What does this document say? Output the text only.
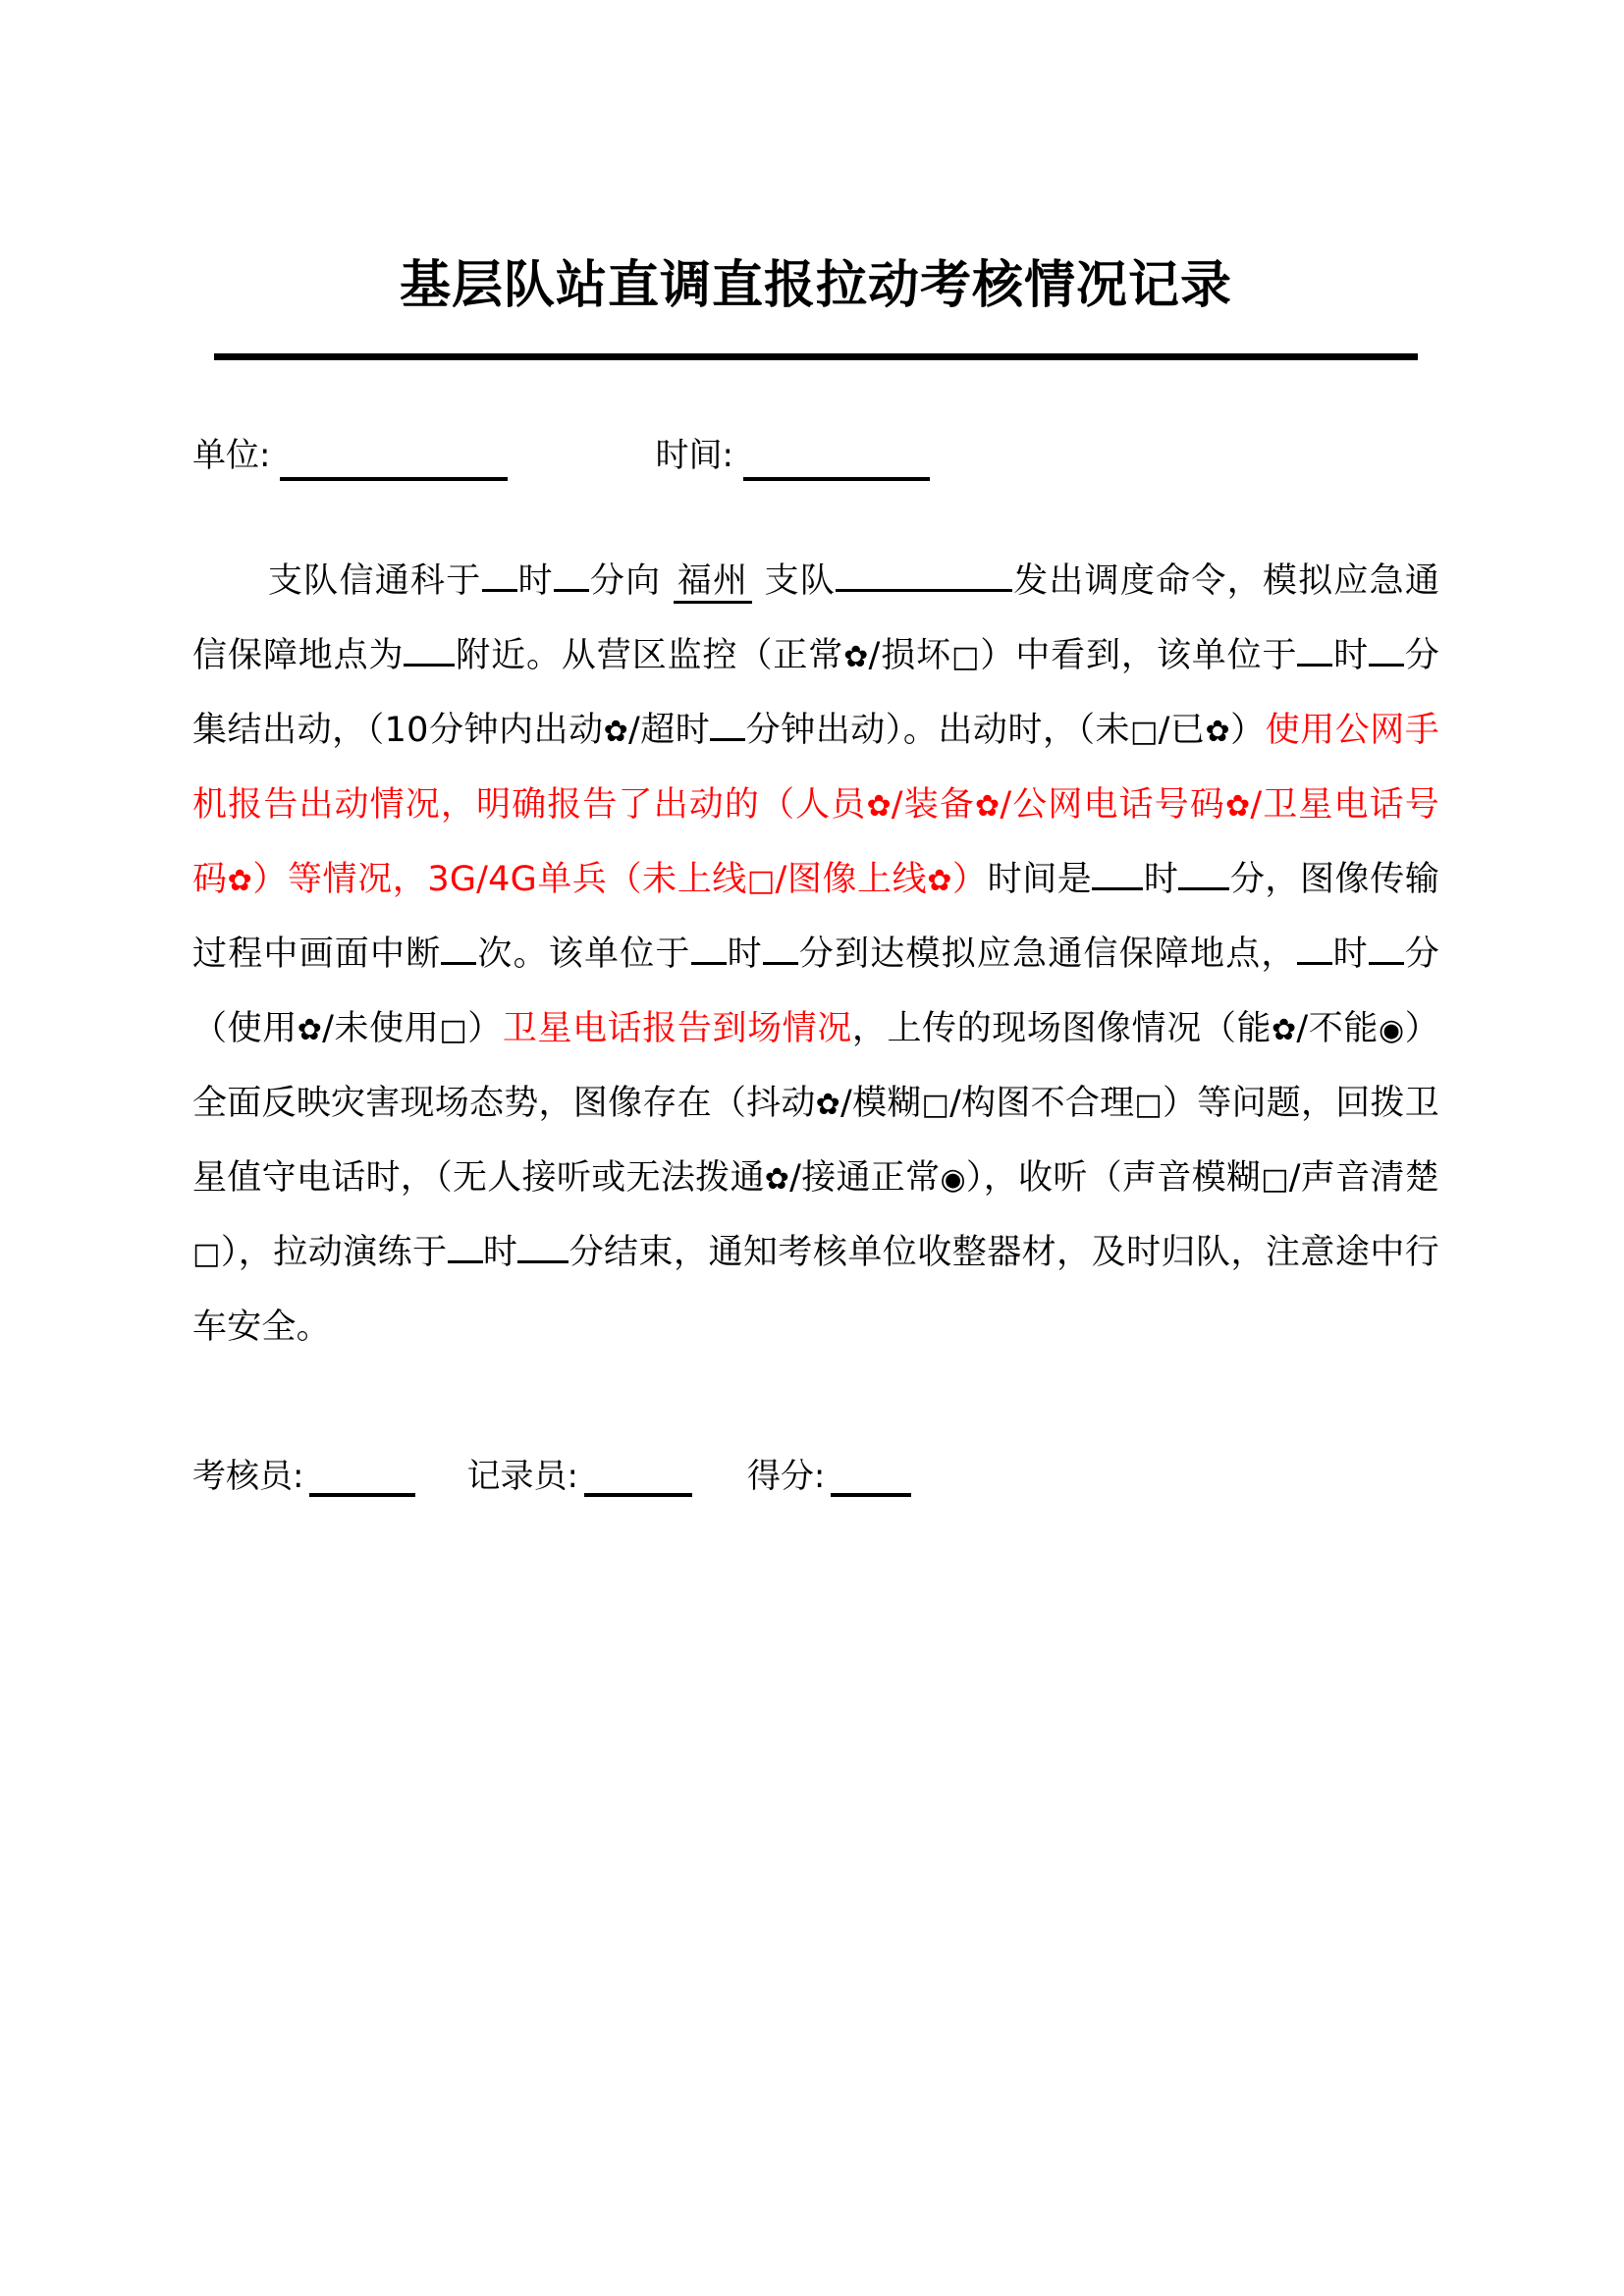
基层队站直调直报拉动考核情况记录
单位:	时间:

支队信通科于 时 分向 福州 支队	发出调度命令，模拟应急通信保障地点为 附近。从营区监控（正常✿/损坏□）中看到，该单位于 时 分集结出动，（10分钟内出动✿/超时 分钟出动）。出动时，（未□/已✿）使用公网手机报告出动情况，明确报告了出动的（人员✿/装备✿/公网电话号码✿/卫星电话号码✿）等情况，3G/4G单兵（未上线□/图像上线✿）时间是 时 分，图像传输过程中画面中断 次。该单位于 时 分到达模拟应急通信保障地点， 时 分（使用✿/未使用□）卫星电话报告到场情况，上传的现场图像情况（能✿/不能◉）全面反映灾害现场态势，图像存在（抖动✿/模糊□/构图不合理□）等问题，回拨卫星值守电话时，（无人接听或无法拨通✿/接通正常◉），收听（声音模糊□/声音清楚□），拉动演练于 时 分结束，通知考核单位收整器材，及时归队，注意途中行车安全。

考核员:	记录员:	得分:
